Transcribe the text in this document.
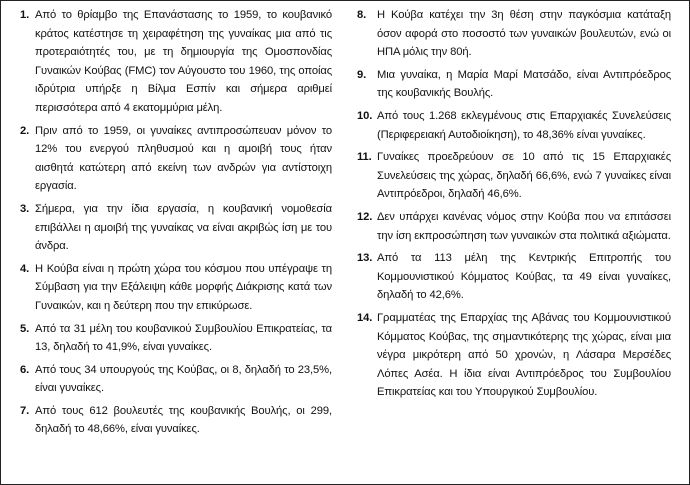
1. Από το θρίαμβο της Επανάστασης το 1959, το κουβανικό κράτος κατέστησε τη χειραφέτηση της γυναίκας μια από τις προτεραιότητές του, με τη δημιουργία της Ομοσπονδίας Γυναικών Κούβας (FMC) τον Αύγουστο του 1960, της οποίας ιδρύτρια υπήρξε η Βίλμα Εσπίν και σήμερα αριθμεί περισσότερα από 4 εκατομμύρια μέλη.
2. Πριν από το 1959, οι γυναίκες αντιπροσώπευαν μόνον το 12% του ενεργού πληθυσμού και η αμοιβή τους ήταν αισθητά κατώτερη από εκείνη των ανδρών για αντίστοιχη εργασία.
3. Σήμερα, για την ίδια εργασία, η κουβανική νομοθεσία επιβάλλει η αμοιβή της γυναίκας να είναι ακριβώς ίση με του άνδρα.
4. Η Κούβα είναι η πρώτη χώρα του κόσμου που υπέγραψε τη Σύμβαση για την Εξάλειψη κάθε μορφής Διάκρισης κατά των Γυναικών, και η δεύτερη που την επικύρωσε.
5. Από τα 31 μέλη του κουβανικού Συμβουλίου Επικρατείας, τα 13, δηλαδή το 41,9%, είναι γυναίκες.
6. Από τους 34 υπουργούς της Κούβας, οι 8, δηλαδή το 23,5%, είναι γυναίκες.
7. Από τους 612 βουλευτές της κουβανικής Βουλής, οι 299, δηλαδή το 48,66%, είναι γυναίκες.
8. Η Κούβα κατέχει την 3η θέση στην παγκόσμια κατάταξη όσον αφορά στο ποσοστό των γυναικών βουλευτών, ενώ οι ΗΠΑ μόλις την 80ή.
9. Μια γυναίκα, η Μαρία Μαρί Ματσάδο, είναι Αντιπρόεδρος της κουβανικής Βουλής.
10. Από τους 1.268 εκλεγμένους στις Επαρχιακές Συνελεύσεις (Περιφερειακή Αυτοδιοίκηση), το 48,36% είναι γυναίκες.
11. Γυναίκες προεδρεύουν σε 10 από τις 15 Επαρχιακές Συνελεύσεις της χώρας, δηλαδή 66,6%, ενώ 7 γυναίκες είναι Αντιπρόεδροι, δηλαδή 46,6%.
12. Δεν υπάρχει κανένας νόμος στην Κούβα που να επιτάσσει την ίση εκπροσώπηση των γυναικών στα πολιτικά αξιώματα.
13. Από τα 113 μέλη της Κεντρικής Επιτροπής του Κομμουνιστικού Κόμματος Κούβας, τα 49 είναι γυναίκες, δηλαδή το 42,6%.
14. Γραμματέας της Επαρχίας της Αβάνας του Κομμουνιστικού Κόμματος Κούβας, της σημαντικότερης της χώρας, είναι μια νέγρα μικρότερη από 50 χρονών, η Λάσαρα Μερσέδες Λόπες Ασέα. Η ίδια είναι Αντιπρόεδρος του Συμβουλίου Επικρατείας και του Υπουργικού Συμβουλίου.
